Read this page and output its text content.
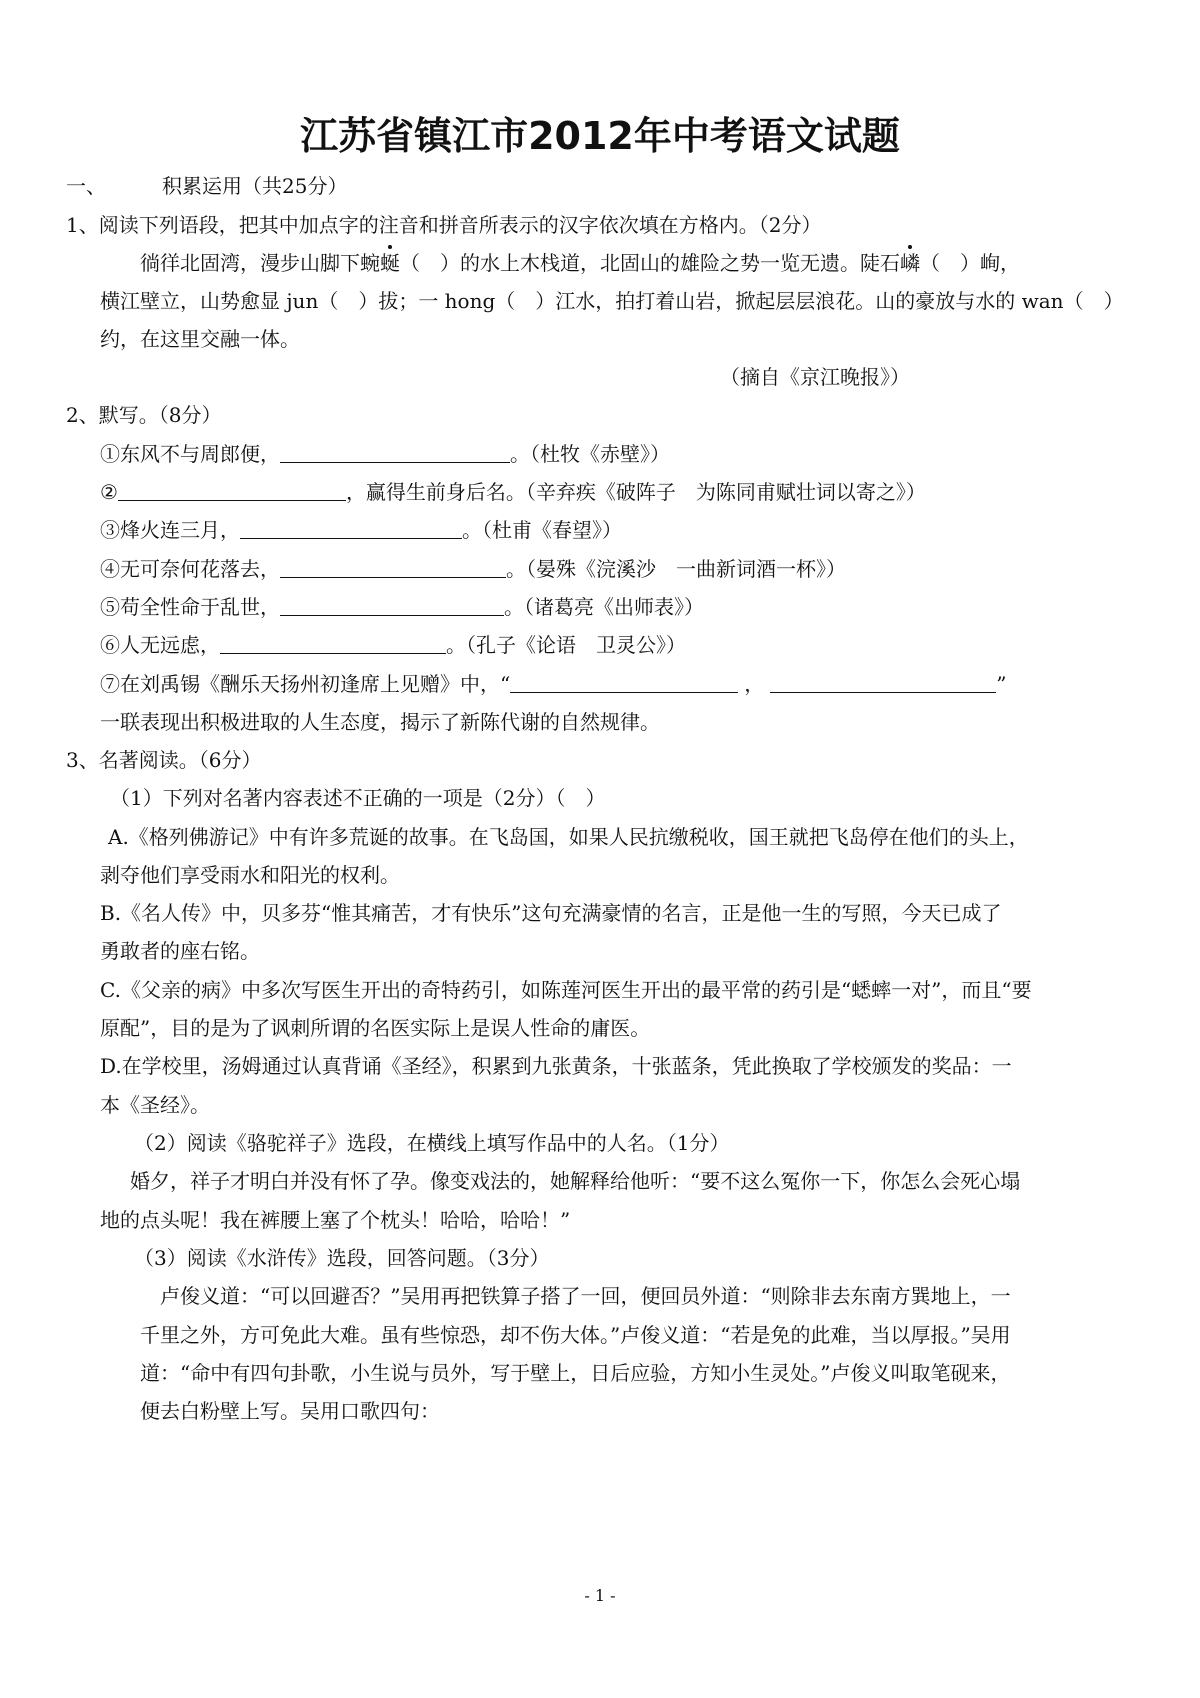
江苏省镇江市2012年中考语文试题
一、	积累运用（共25分）
1、阅读下列语段，把其中加点字的注音和拼音所表示的汉字依次填在方格内。（2分）
徜徉北固湾，漫步山脚下蜿蜒（　）的水上木栈道，北固山的雄险之势一览无遗。陡石嶙（　）峋，
横江壁立，山势愈显 jun（　）拔；一 hong（　）江水，拍打着山岩，掀起层层浪花。山的豪放与水的 wan（　）
约，在这里交融一体。
（摘自《京江晚报》）
2、默写。（8分）
①东风不与周郎便，	。（杜牧《赤壁》）
②	，赢得生前身后名。（辛弃疾《破阵子　为陈同甫赋壮词以寄之》）
③烽火连三月，	。（杜甫《春望》）
④无可奈何花落去，	。（晏殊《浣溪沙　一曲新词酒一杯》）
⑤苟全性命于乱世，	。（诸葛亮《出师表》）
⑥人无远虑，	。（孔子《论语　卫灵公》）
⑦在刘禹锡《酬乐天扬州初逢席上见赠》中，“	，	”
一联表现出积极进取的人生态度，揭示了新陈代谢的自然规律。
3、名著阅读。（6分）
（1）下列对名著内容表述不正确的一项是（2分）（　）
A.《格列佛游记》中有许多荒诞的故事。在飞岛国，如果人民抗缴税收，国王就把飞岛停在他们的头上，
剥夺他们享受雨水和阳光的权利。
B.《名人传》中，贝多芬“惟其痛苦，才有快乐”这句充满豪情的名言，正是他一生的写照，今天已成了
勇敢者的座右铭。
C.《父亲的病》中多次写医生开出的奇特药引，如陈莲河医生开出的最平常的药引是“蟋蟀一对”，而且“要
原配”，目的是为了讽刺所谓的名医实际上是误人性命的庸医。
D.在学校里，汤姆通过认真背诵《圣经》，积累到九张黄条，十张蓝条，凭此换取了学校颁发的奖品：一
本《圣经》。
（2）阅读《骆驼祥子》选段，在横线上填写作品中的人名。（1分）
婚夕，祥子才明白并没有怀了孕。像变戏法的，她解释给他听：“要不这么冤你一下，你怎么会死心塌
地的点头呢！我在裤腰上塞了个枕头！哈哈，哈哈！”
（3）阅读《水浒传》选段，回答问题。（3分）
卢俊义道：“可以回避否？”吴用再把铁算子搭了一回，便回员外道：“则除非去东南方巽地上，一
千里之外，方可免此大难。虽有些惊恐，却不伤大体。”卢俊义道：“若是免的此难，当以厚报。”吴用
道：“命中有四句卦歌，小生说与员外，写于壁上，日后应验，方知小生灵处。”卢俊义叫取笔砚来，
便去白粉壁上写。吴用口歌四句：
- 1 -
